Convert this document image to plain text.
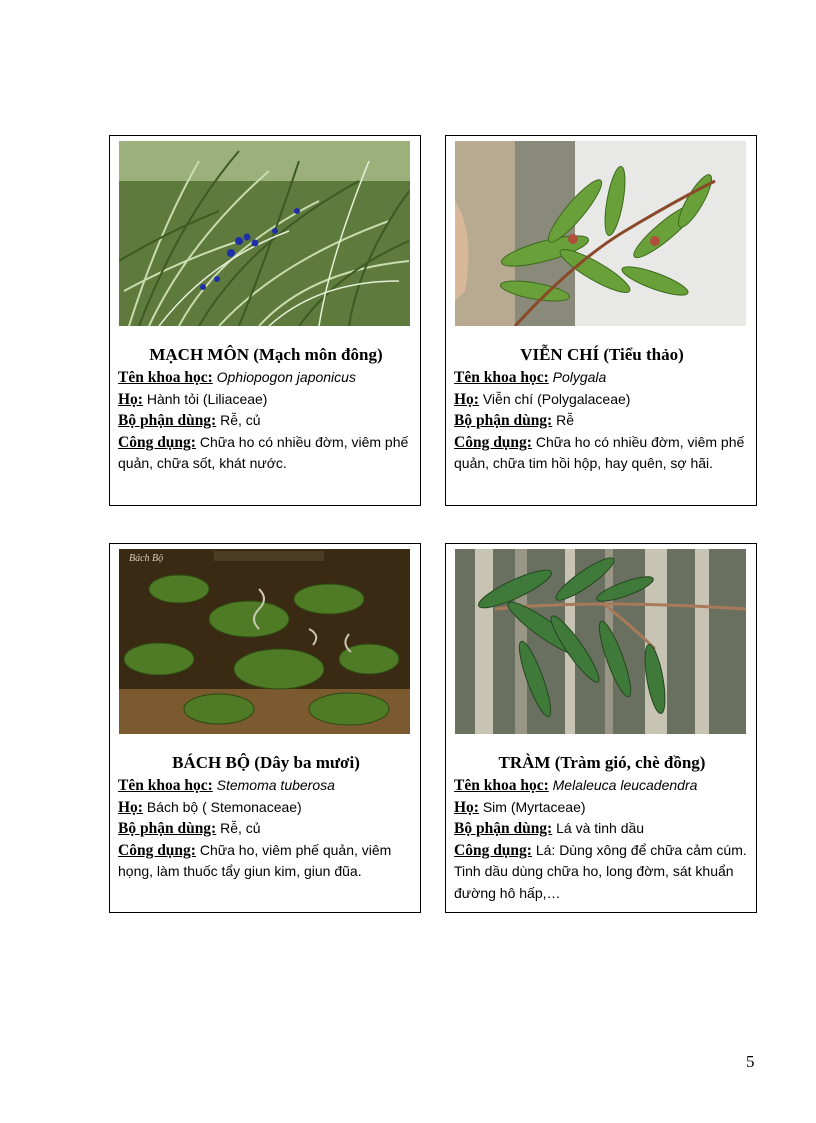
MẠCH MÔN (Mạch môn đông)
Tên khoa học: Ophiopogon japonicus
Họ: Hành tỏi (Liliaceae)
Bộ phận dùng: Rễ, củ
Công dụng: Chữa ho có nhiều đờm, viêm phế quản, chữa sốt, khát nước.
VIỄN CHÍ (Tiểu thảo)
Tên khoa học: Polygala
Họ: Viễn chí (Polygalaceae)
Bộ phận dùng: Rễ
Công dụng: Chữa ho có nhiều đờm, viêm phế quản, chữa tim hồi hộp, hay quên, sợ hãi.
Bách Bộ
BÁCH BỘ (Dây ba mươi)
Tên khoa học: Stemoma tuberosa
Họ: Bách bộ ( Stemonaceae)
Bộ phận dùng: Rễ, củ
Công dụng: Chữa ho, viêm phế quản, viêm họng, làm thuốc tẩy giun kim, giun đũa.
TRÀM (Tràm gió, chè đồng)
Tên khoa học: Melaleuca leucadendra
Họ: Sim (Myrtaceae)
Bộ phận dùng: Lá và tinh dầu
Công dụng: Lá: Dùng xông để chữa cảm cúm. Tinh dầu dùng chữa ho, long đờm, sát khuẩn đường hô hấp,…
5
